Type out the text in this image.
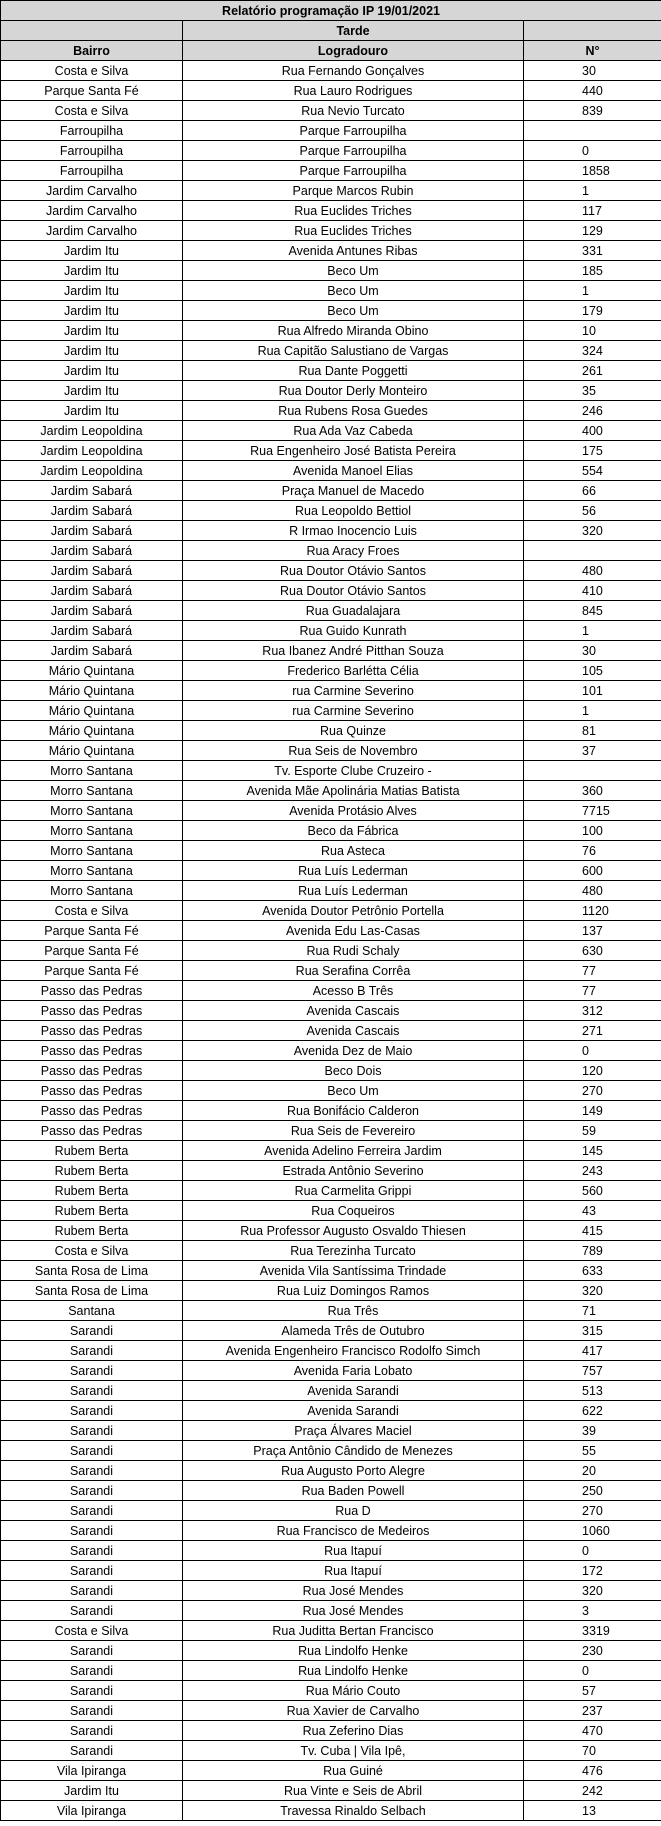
Relatório programação IP 19/01/2021		
	Tarde	
Bairro	Logradouro	N°
Costa e Silva	Rua Fernando Gonçalves	30
Parque Santa Fé	Rua Lauro Rodrigues	440
Costa e Silva	Rua Nevio Turcato	839
Farroupilha	Parque Farroupilha	
Farroupilha	Parque Farroupilha	0
Farroupilha	Parque Farroupilha	1858
Jardim Carvalho	Parque Marcos Rubin	1
Jardim Carvalho	Rua Euclides Triches	117
Jardim Carvalho	Rua Euclides Triches	129
Jardim Itu	Avenida Antunes Ribas	331
Jardim Itu	Beco Um	185
Jardim Itu	Beco Um	1
Jardim Itu	Beco Um	179
Jardim Itu	Rua Alfredo Miranda Obino	10
Jardim Itu	Rua Capitão Salustiano de Vargas	324
Jardim Itu	Rua Dante Poggetti	261
Jardim Itu	Rua Doutor Derly Monteiro	35
Jardim Itu	Rua Rubens Rosa Guedes	246
Jardim Leopoldina	Rua Ada Vaz Cabeda	400
Jardim Leopoldina	Rua Engenheiro José Batista Pereira	175
Jardim Leopoldina	Avenida Manoel Elias	554
Jardim Sabará	Praça Manuel de Macedo	66
Jardim Sabará	Rua Leopoldo Bettiol	56
Jardim Sabará	R Irmao Inocencio Luis	320
Jardim Sabará	Rua Aracy Froes	
Jardim Sabará	Rua Doutor Otávio Santos	480
Jardim Sabará	Rua Doutor Otávio Santos	410
Jardim Sabará	Rua Guadalajara	845
Jardim Sabará	Rua Guido Kunrath	1
Jardim Sabará	Rua Ibanez André Pitthan Souza	30
Mário Quintana	Frederico Barlétta Célia	105
Mário Quintana	rua Carmine Severino	101
Mário Quintana	rua Carmine Severino	1
Mário Quintana	Rua Quinze	81
Mário Quintana	Rua Seis de Novembro	37
Morro Santana	Tv. Esporte Clube Cruzeiro -	
Morro Santana	Avenida Mãe Apolinária Matias Batista	360
Morro Santana	Avenida Protásio Alves	7715
Morro Santana	Beco da Fábrica	100
Morro Santana	Rua Asteca	76
Morro Santana	Rua Luís Lederman	600
Morro Santana	Rua Luís Lederman	480
Costa e Silva	Avenida Doutor Petrônio Portella	1120
Parque Santa Fé	Avenida Edu Las-Casas	137
Parque Santa Fé	Rua Rudi Schaly	630
Parque Santa Fé	Rua Serafina Corrêa	77
Passo das Pedras	Acesso B Três	77
Passo das Pedras	Avenida Cascais	312
Passo das Pedras	Avenida Cascais	271
Passo das Pedras	Avenida Dez de Maio	0
Passo das Pedras	Beco Dois	120
Passo das Pedras	Beco Um	270
Passo das Pedras	Rua Bonifácio Calderon	149
Passo das Pedras	Rua Seis de Fevereiro	59
Rubem Berta	Avenida Adelino Ferreira Jardim	145
Rubem Berta	Estrada Antônio Severino	243
Rubem Berta	Rua Carmelita Grippi	560
Rubem Berta	Rua Coqueiros	43
Rubem Berta	Rua Professor Augusto Osvaldo Thiesen	415
Costa e Silva	Rua Terezinha Turcato	789
Santa Rosa de Lima	Avenida Vila Santíssima Trindade	633
Santa Rosa de Lima	Rua Luiz Domingos Ramos	320
Santana	Rua Três	71
Sarandi	Alameda Três de Outubro	315
Sarandi	Avenida Engenheiro Francisco Rodolfo Simch	417
Sarandi	Avenida Faria Lobato	757
Sarandi	Avenida Sarandi	513
Sarandi	Avenida Sarandi	622
Sarandi	Praça Álvares Maciel	39
Sarandi	Praça Antônio Cândido de Menezes	55
Sarandi	Rua Augusto Porto Alegre	20
Sarandi	Rua Baden Powell	250
Sarandi	Rua D	270
Sarandi	Rua Francisco de Medeiros	1060
Sarandi	Rua Itapuí	0
Sarandi	Rua Itapuí	172
Sarandi	Rua José Mendes	320
Sarandi	Rua José Mendes	3
Costa e Silva	Rua Juditta Bertan Francisco	3319
Sarandi	Rua Lindolfo Henke	230
Sarandi	Rua Lindolfo Henke	0
Sarandi	Rua Mário Couto	57
Sarandi	Rua Xavier de Carvalho	237
Sarandi	Rua Zeferino Dias	470
Sarandi	Tv. Cuba | Vila Ipê,	70
Vila Ipiranga	Rua Guiné	476
Jardim Itu	Rua Vinte e Seis de Abril	242
Vila Ipiranga	Travessa Rinaldo Selbach	13
